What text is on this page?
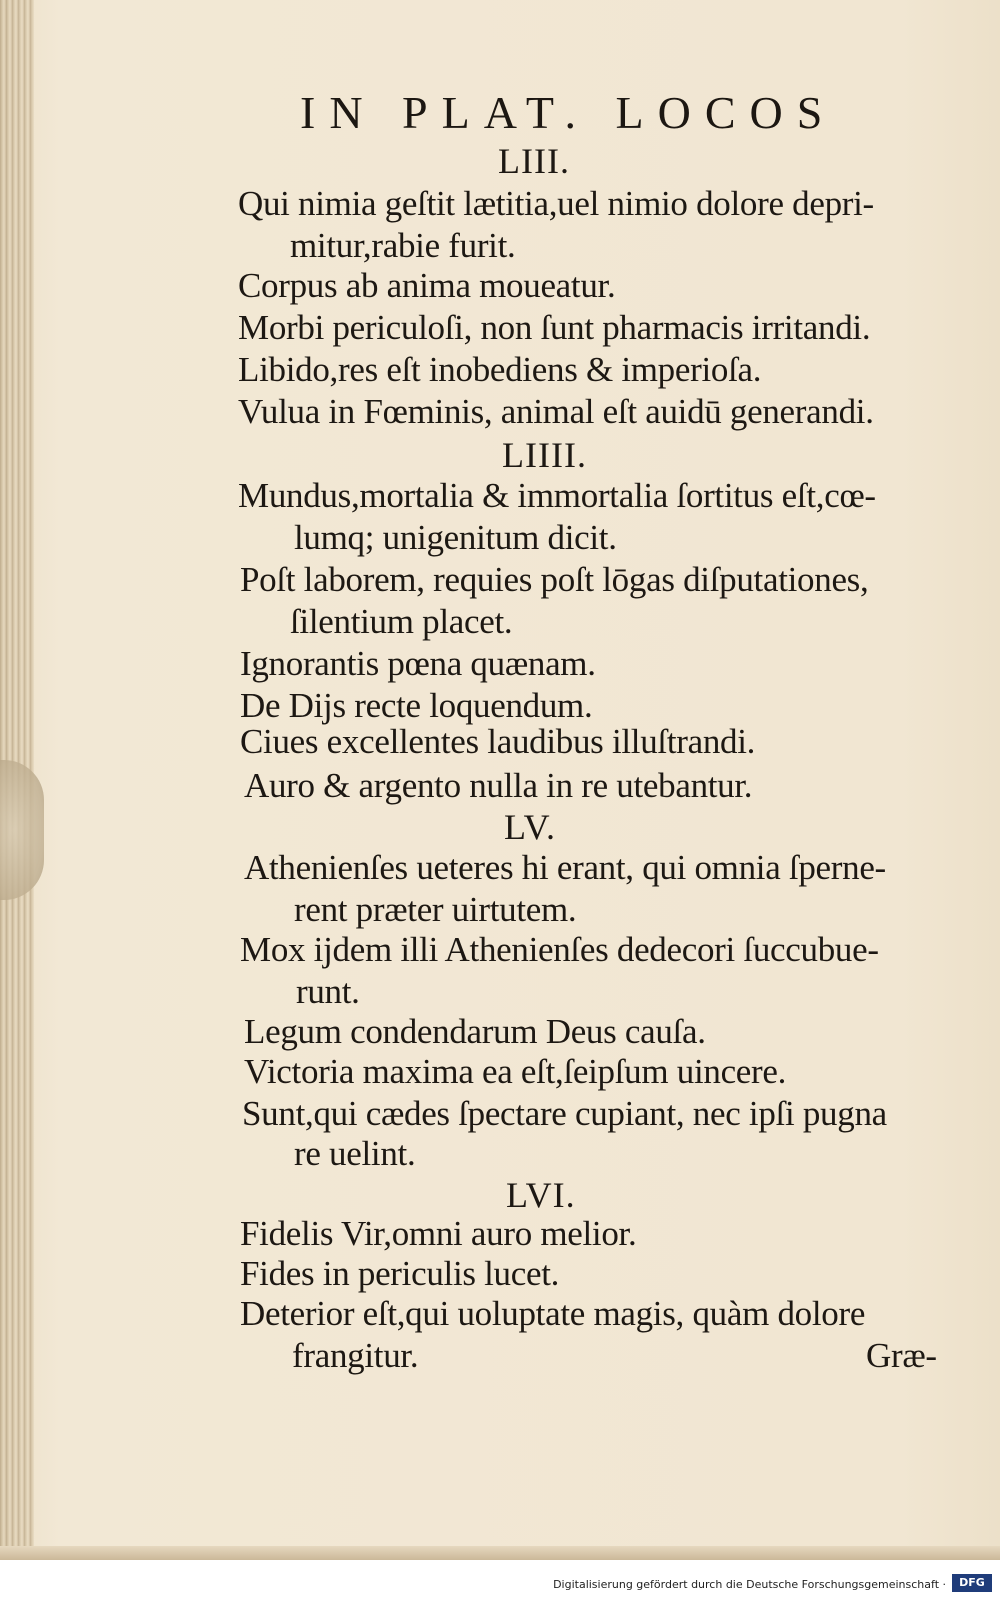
IN PLAT. LOCOS
LIII.
Qui nimia geſtit lætitia,uel nimio dolore depri-
mitur,rabie furit.
Corpus ab anima moueatur.
Morbi periculoſi, non ſunt pharmacis irritandi.
Libido,res eſt inobediens & imperioſa.
Vulua in Fœminis, animal eſt auidū generandi.
LIIII.
Mundus,mortalia & immortalia ſortitus eſt,cœ-
lumq; unigenitum dicit.
Poſt laborem, requies poſt lōgas diſputationes,
ſilentium placet.
Ignorantis pœna quænam.
De Dijs recte loquendum.
Ciues excellentes laudibus illuſtrandi.
Auro & argento nulla in re utebantur.
LV.
Athenienſes ueteres hi erant, qui omnia ſperne-
rent præter uirtutem.
Mox ijdem illi Athenienſes dedecori ſuccubue-
runt.
Legum condendarum Deus cauſa.
Victoria maxima ea eſt,ſeipſum uincere.
Sunt,qui cædes ſpectare cupiant, nec ipſi pugna
re uelint.
LVI.
Fidelis Vir,omni auro melior.
Fides in periculis lucet.
Deterior eſt,qui uoluptate magis, quàm dolore
frangitur.	Græ-
Digitalisierung gefördert durch die Deutsche Forschungsgemeinschaft ·	DFG
